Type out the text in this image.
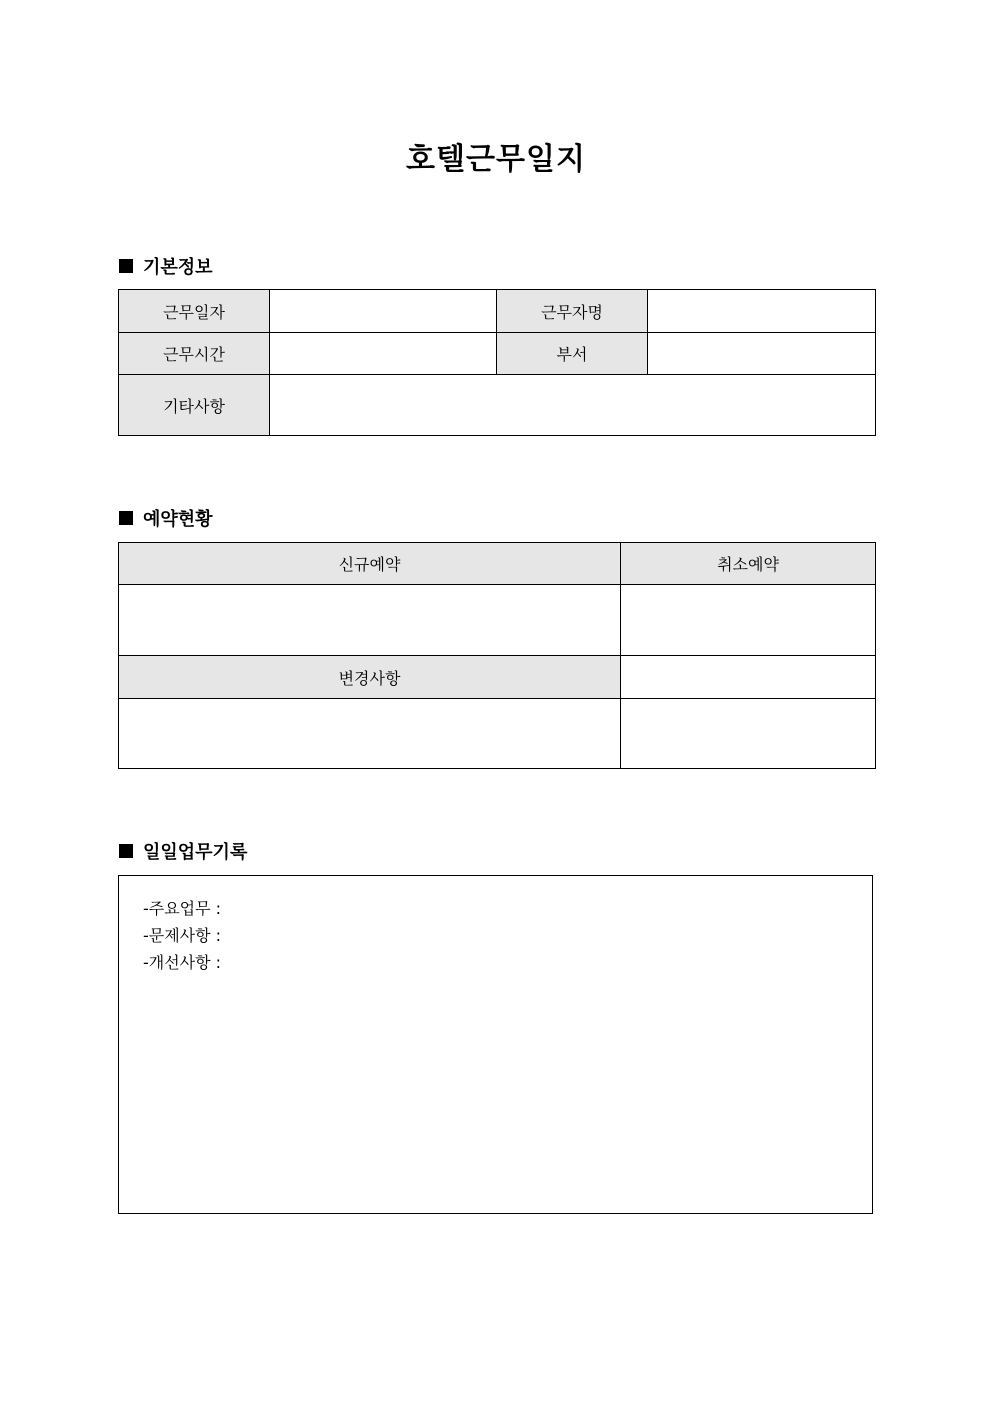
호텔근무일지
기본정보
근무일자		근무자명	
근무시간		부서	
기타사항			
예약현황
신규예약	취소예약

변경사항	

일일업무기록
-주요업무 :
-문제사항 :
-개선사항 :
